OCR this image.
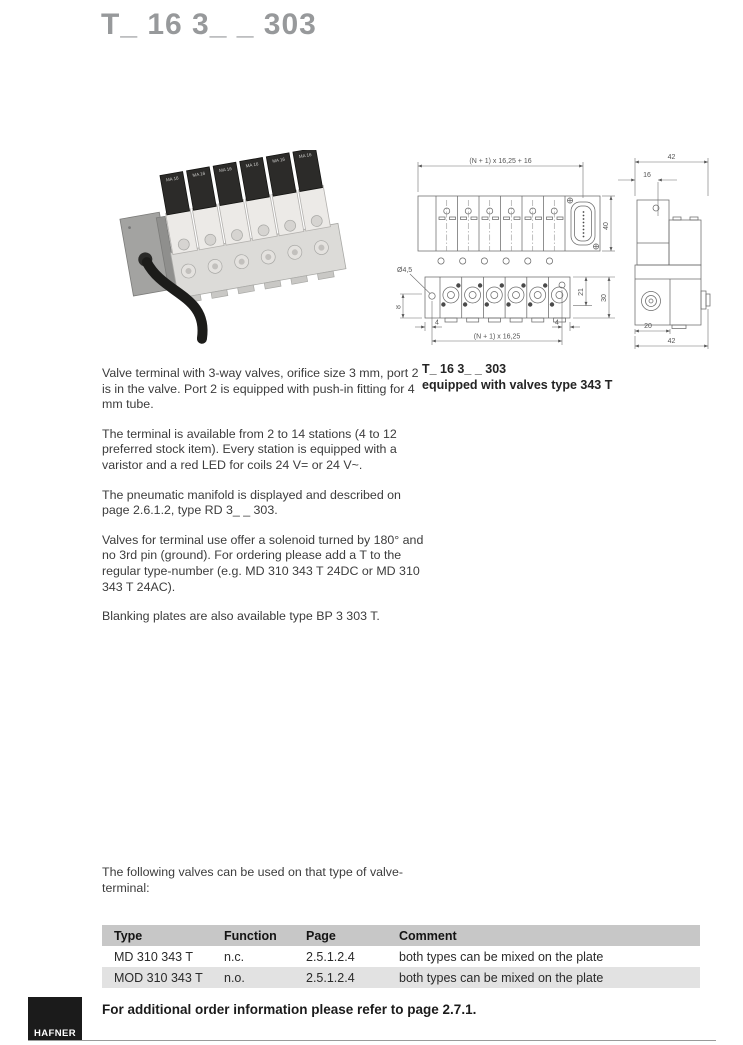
T_ 16 3_ _ 303
MA 16
MA 16
MA 16
MA 16
MA 16
MA 16
(N + 1) x 16,25 + 16
40
Ø4,5
8
21
30
4	4
(N + 1) x 16,25
42
16
20
42
T_ 16 3_ _ 303
equipped with valves type 343 T

Valve terminal with 3-way valves, orifice size 3 mm, port 2 is in the valve. Port 2 is equipped with push-in fitting for 4 mm tube.

The terminal is available from 2 to 14 stations (4 to 12 preferred stock item). Every station is equipped with a varistor and a red LED for coils 24 V= or 24 V~.

The pneumatic manifold is displayed and described on page 2.6.1.2, type RD 3_ _ 303.

Valves for terminal use offer a solenoid turned by 180° and no 3rd pin (ground). For ordering please add a T to the regular type-number (e.g. MD 310 343 T 24DC or MD 310 343 T 24AC).

Blanking plates are also available type BP 3 303 T.

The following valves can be used on that type of valve-terminal:
Type	Function	Page	Comment
MD 310 343 T	n.c.	2.5.1.2.4	both types can be mixed on the plate
MOD 310 343 T	n.o.	2.5.1.2.4	both types can be mixed on the plate
For additional order information please refer to page 2.7.1.
HAFNER
